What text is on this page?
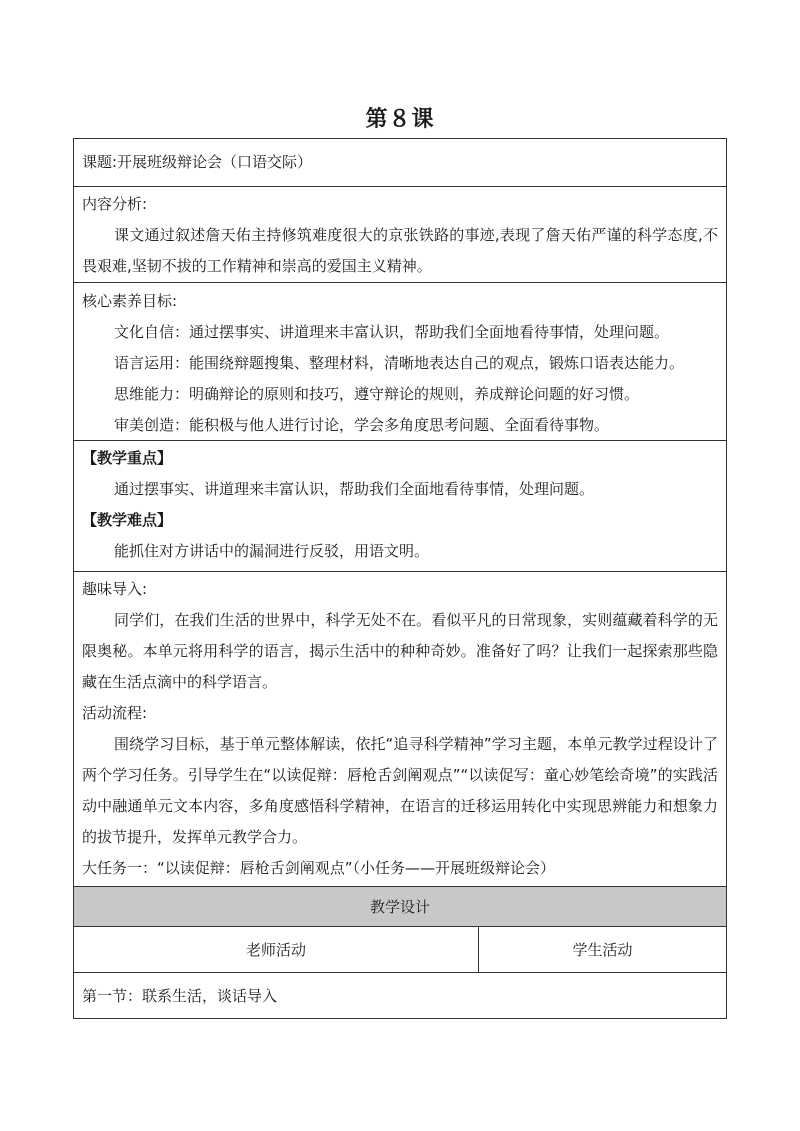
第８课
课题:开展班级辩论会（口语交际）
内容分析:
课文通过叙述詹天佑主持修筑难度很大的京张铁路的事迹,表现了詹天佑严谨的科学态度,不畏艰难,坚韧不拔的工作精神和崇高的爱国主义精神。
核心素养目标:
文化自信：通过摆事实、讲道理来丰富认识，帮助我们全面地看待事情，处理问题。
语言运用：能围绕辩题搜集、整理材料，清晰地表达自己的观点，锻炼口语表达能力。
思维能力：明确辩论的原则和技巧，遵守辩论的规则，养成辩论问题的好习惯。
审美创造：能积极与他人进行讨论，学会多角度思考问题、全面看待事物。
【教学重点】
通过摆事实、讲道理来丰富认识，帮助我们全面地看待事情，处理问题。
【教学难点】
能抓住对方讲话中的漏洞进行反驳，用语文明。
趣味导入:
同学们，在我们生活的世界中，科学无处不在。看似平凡的日常现象，实则蕴藏着科学的无限奥秘。本单元将用科学的语言，揭示生活中的种种奇妙。准备好了吗？让我们一起探索那些隐藏在生活点滴中的科学语言。
活动流程:
围绕学习目标，基于单元整体解读，依托“追寻科学精神”学习主题，本单元教学过程设计了两个学习任务。引导学生在“以读促辩：唇枪舌剑阐观点”“以读促写：童心妙笔绘奇境”的实践活动中融通单元文本内容，多角度感悟科学精神，在语言的迁移运用转化中实现思辨能力和想象力的拔节提升，发挥单元教学合力。
大任务一：“以读促辩：唇枪舌剑阐观点”（小任务——开展班级辩论会）
教学设计
老师活动	学生活动
第一节：联系生活，谈话导入
